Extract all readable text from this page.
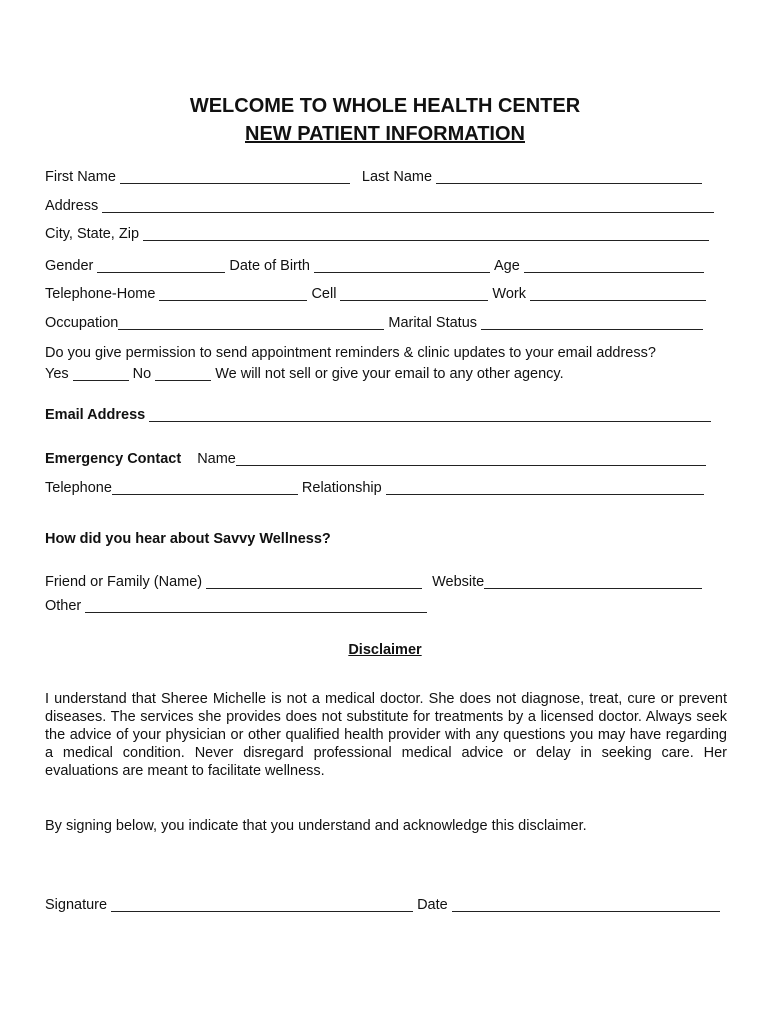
WELCOME TO WHOLE HEALTH CENTER
NEW PATIENT INFORMATION
First Name	Last Name
Address
City, State, Zip
Gender	Date of Birth	Age
Telephone-Home	Cell	Work
Occupation	Marital Status
Do you give permission to send appointment reminders & clinic updates to your email address?
Yes	No	We will not sell or give your email to any other agency.
Email Address
Emergency Contact Name
Telephone	Relationship
How did you hear about Savvy Wellness?
Friend or Family (Name)	Website
Other
Disclaimer
I understand that Sheree Michelle is not a medical doctor. She does not diagnose, treat, cure or prevent diseases. The services she provides does not substitute for treatments by a licensed doctor. Always seek the advice of your physician or other qualified health provider with any questions you may have regarding a medical condition. Never disregard professional medical advice or delay in seeking care. Her evaluations are meant to facilitate wellness.
By signing below, you indicate that you understand and acknowledge this disclaimer.
Signature	Date
